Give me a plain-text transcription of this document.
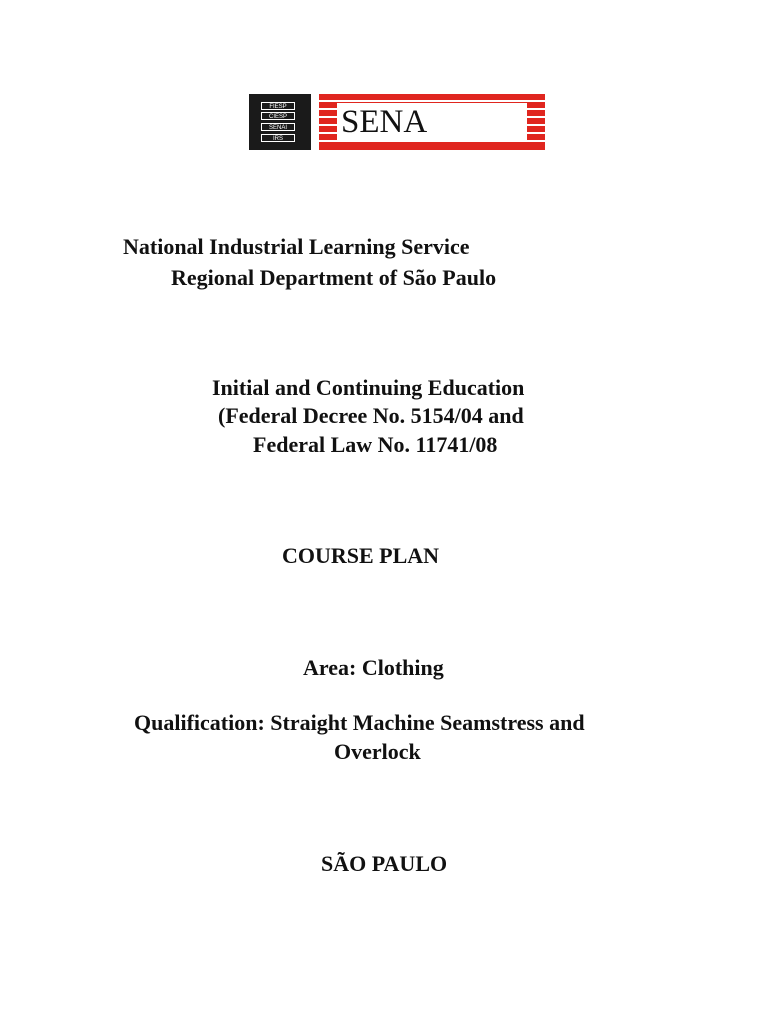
FIESP
CIESP
SENAI
IRS	SENA
National Industrial Learning Service
Regional Department of São Paulo
Initial and Continuing Education
(Federal Decree No. 5154/04 and
Federal Law No. 11741/08
COURSE PLAN
Area: Clothing
Qualification: Straight Machine Seamstress and
Overlock
SÃO PAULO
